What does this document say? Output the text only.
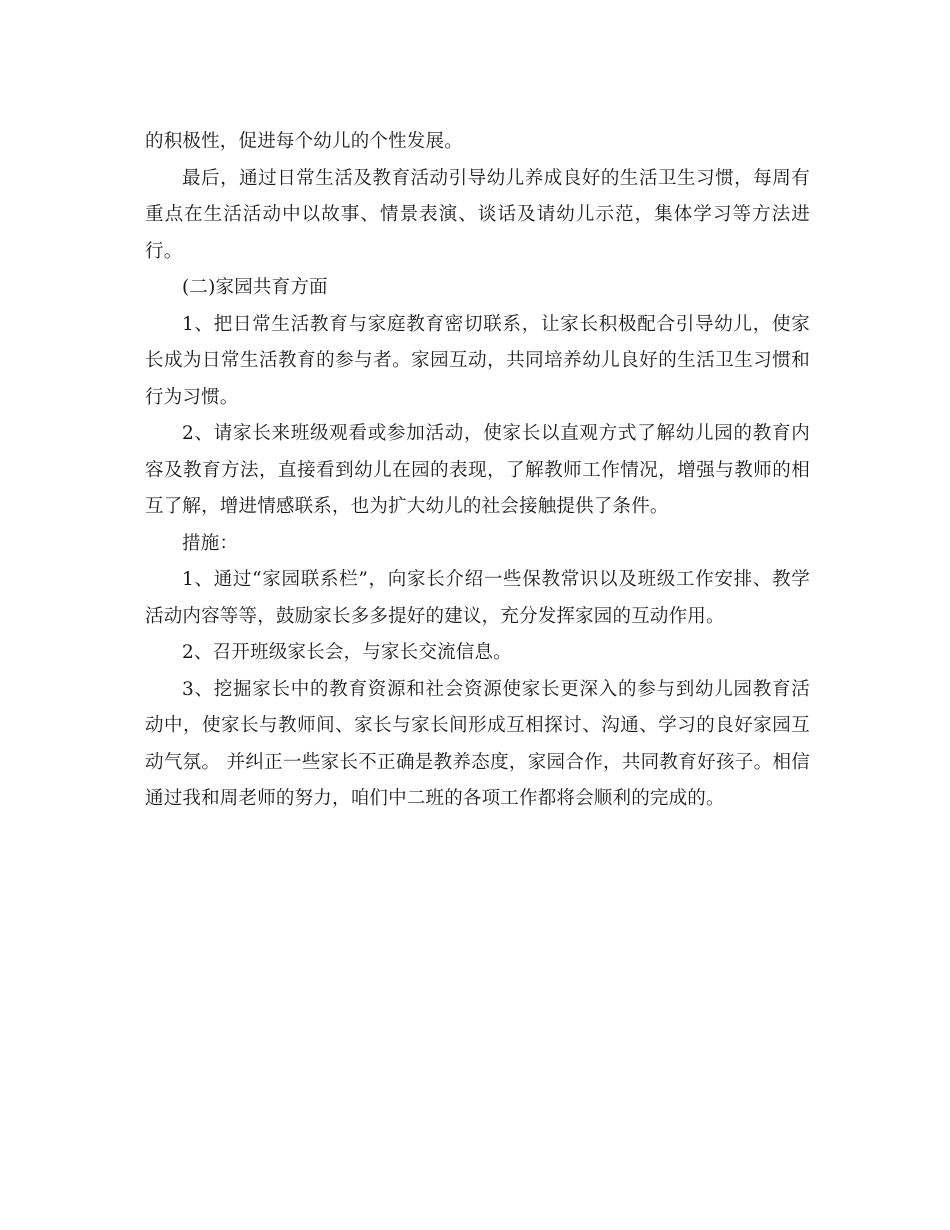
的积极性，促进每个幼儿的个性发展。

最后，通过日常生活及教育活动引导幼儿养成良好的生活卫生习惯，每周有重点在生活活动中以故事、情景表演、谈话及请幼儿示范，集体学习等方法进行。

(二)家园共育方面

1、把日常生活教育与家庭教育密切联系，让家长积极配合引导幼儿，使家长成为日常生活教育的参与者。家园互动，共同培养幼儿良好的生活卫生习惯和行为习惯。

2、请家长来班级观看或参加活动，使家长以直观方式了解幼儿园的教育内容及教育方法，直接看到幼儿在园的表现，了解教师工作情况，增强与教师的相互了解，增进情感联系，也为扩大幼儿的社会接触提供了条件。

措施：

1、通过“家园联系栏”，向家长介绍一些保教常识以及班级工作安排、教学活动内容等等，鼓励家长多多提好的建议，充分发挥家园的互动作用。

2、召开班级家长会，与家长交流信息。

3、挖掘家长中的教育资源和社会资源使家长更深入的参与到幼儿园教育活动中，使家长与教师间、家长与家长间形成互相探讨、沟通、学习的良好家园互动气氛。 并纠正一些家长不正确是教养态度，家园合作，共同教育好孩子。相信通过我和周老师的努力，咱们中二班的各项工作都将会顺利的完成的。
